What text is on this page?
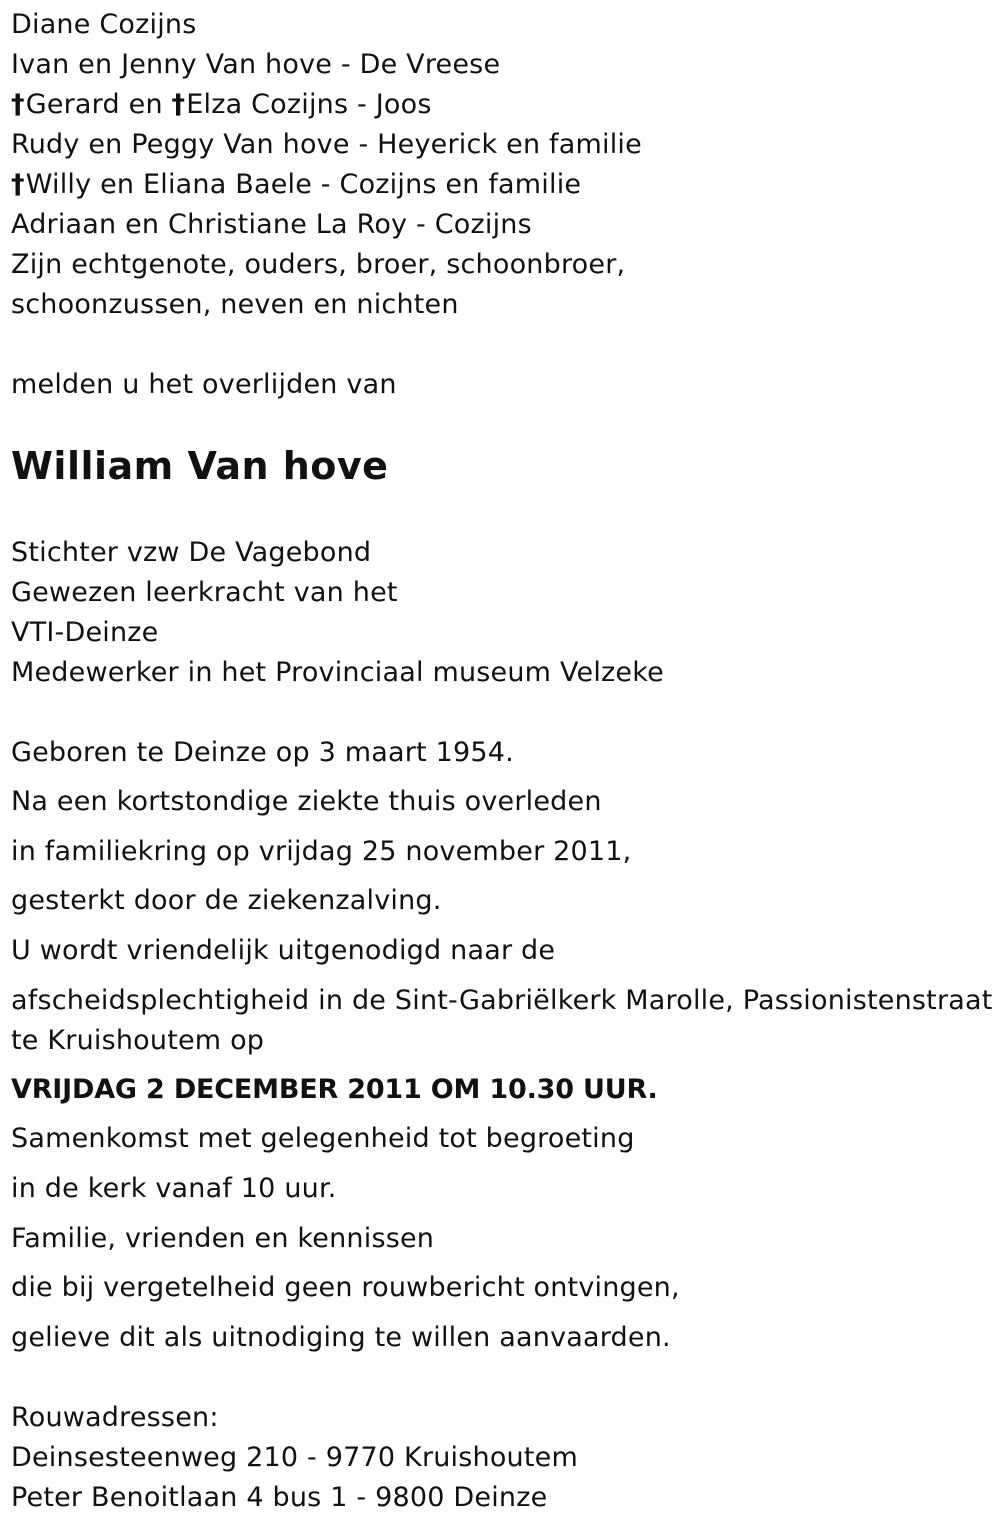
Diane Cozijns
Ivan en Jenny Van hove - De Vreese
†Gerard en †Elza Cozijns - Joos
Rudy en Peggy Van hove - Heyerick en familie
†Willy en Eliana Baele - Cozijns en familie
Adriaan en Christiane La Roy - Cozijns
Zijn echtgenote, ouders, broer, schoonbroer,
schoonzussen, neven en nichten
melden u het overlijden van
William Van hove
Stichter vzw De Vagebond
Gewezen leerkracht van het
VTI-Deinze
Medewerker in het Provinciaal museum Velzeke
Geboren te Deinze op 3 maart 1954.
Na een kortstondige ziekte thuis overleden
in familiekring op vrijdag 25 november 2011,
gesterkt door de ziekenzalving.
U wordt vriendelijk uitgenodigd naar de
afscheidsplechtigheid in de Sint-Gabriëlkerk Marolle, Passionistenstraat
te Kruishoutem op
VRIJDAG 2 DECEMBER 2011 OM 10.30 UUR.
Samenkomst met gelegenheid tot begroeting
in de kerk vanaf 10 uur.
Familie, vrienden en kennissen
die bij vergetelheid geen rouwbericht ontvingen,
gelieve dit als uitnodiging te willen aanvaarden.
Rouwadressen:
Deinsesteenweg 210 - 9770 Kruishoutem
Peter Benoitlaan 4 bus 1 - 9800 Deinze
